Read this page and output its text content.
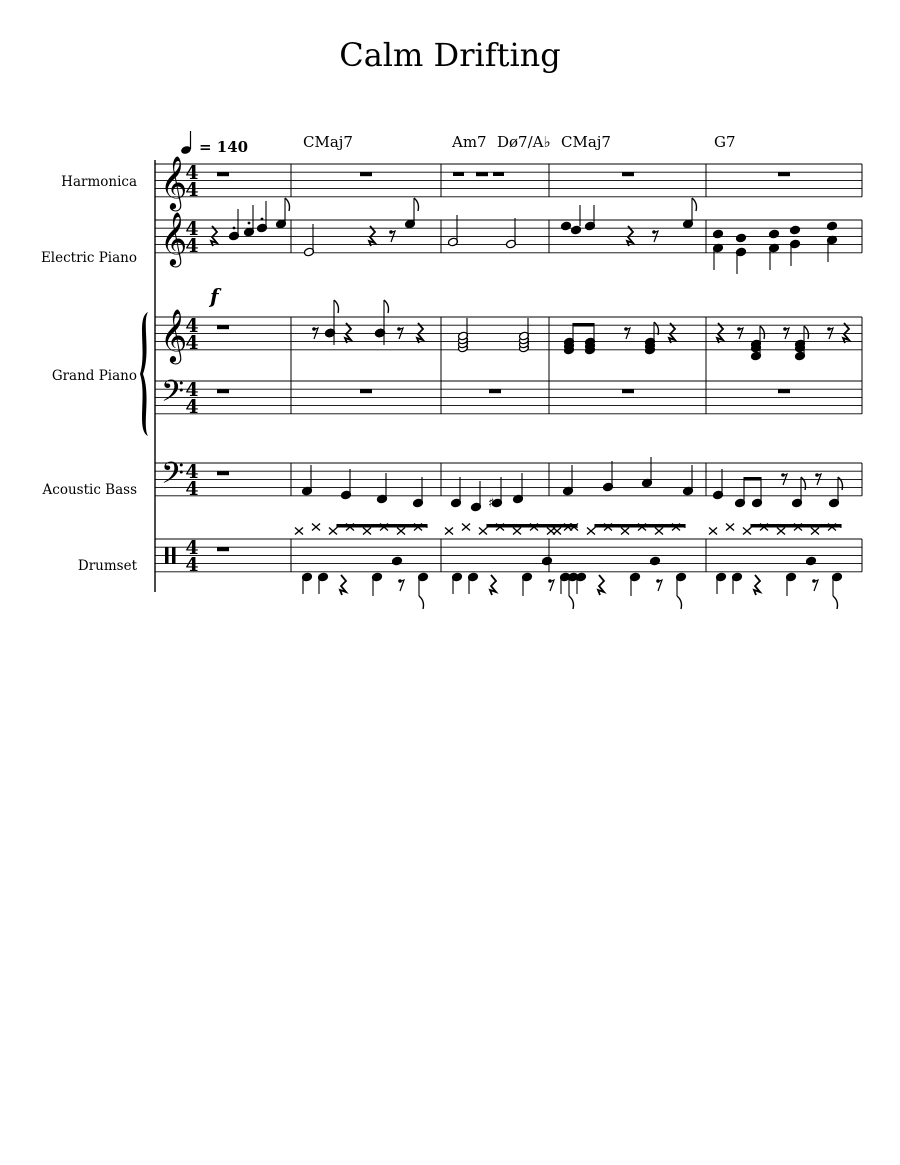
Calm Drifting
= 140	CMaj7	Am7 Dø7/A♭ CMaj7	G7
Harmonica
Electric Piano
Grand Piano
Acoustic Bass
Drumset
𝄞
4
4
𝄞
4
4
𝄞
4
4
𝄢 4
4
𝄢 4
4
4
4
♯
f
